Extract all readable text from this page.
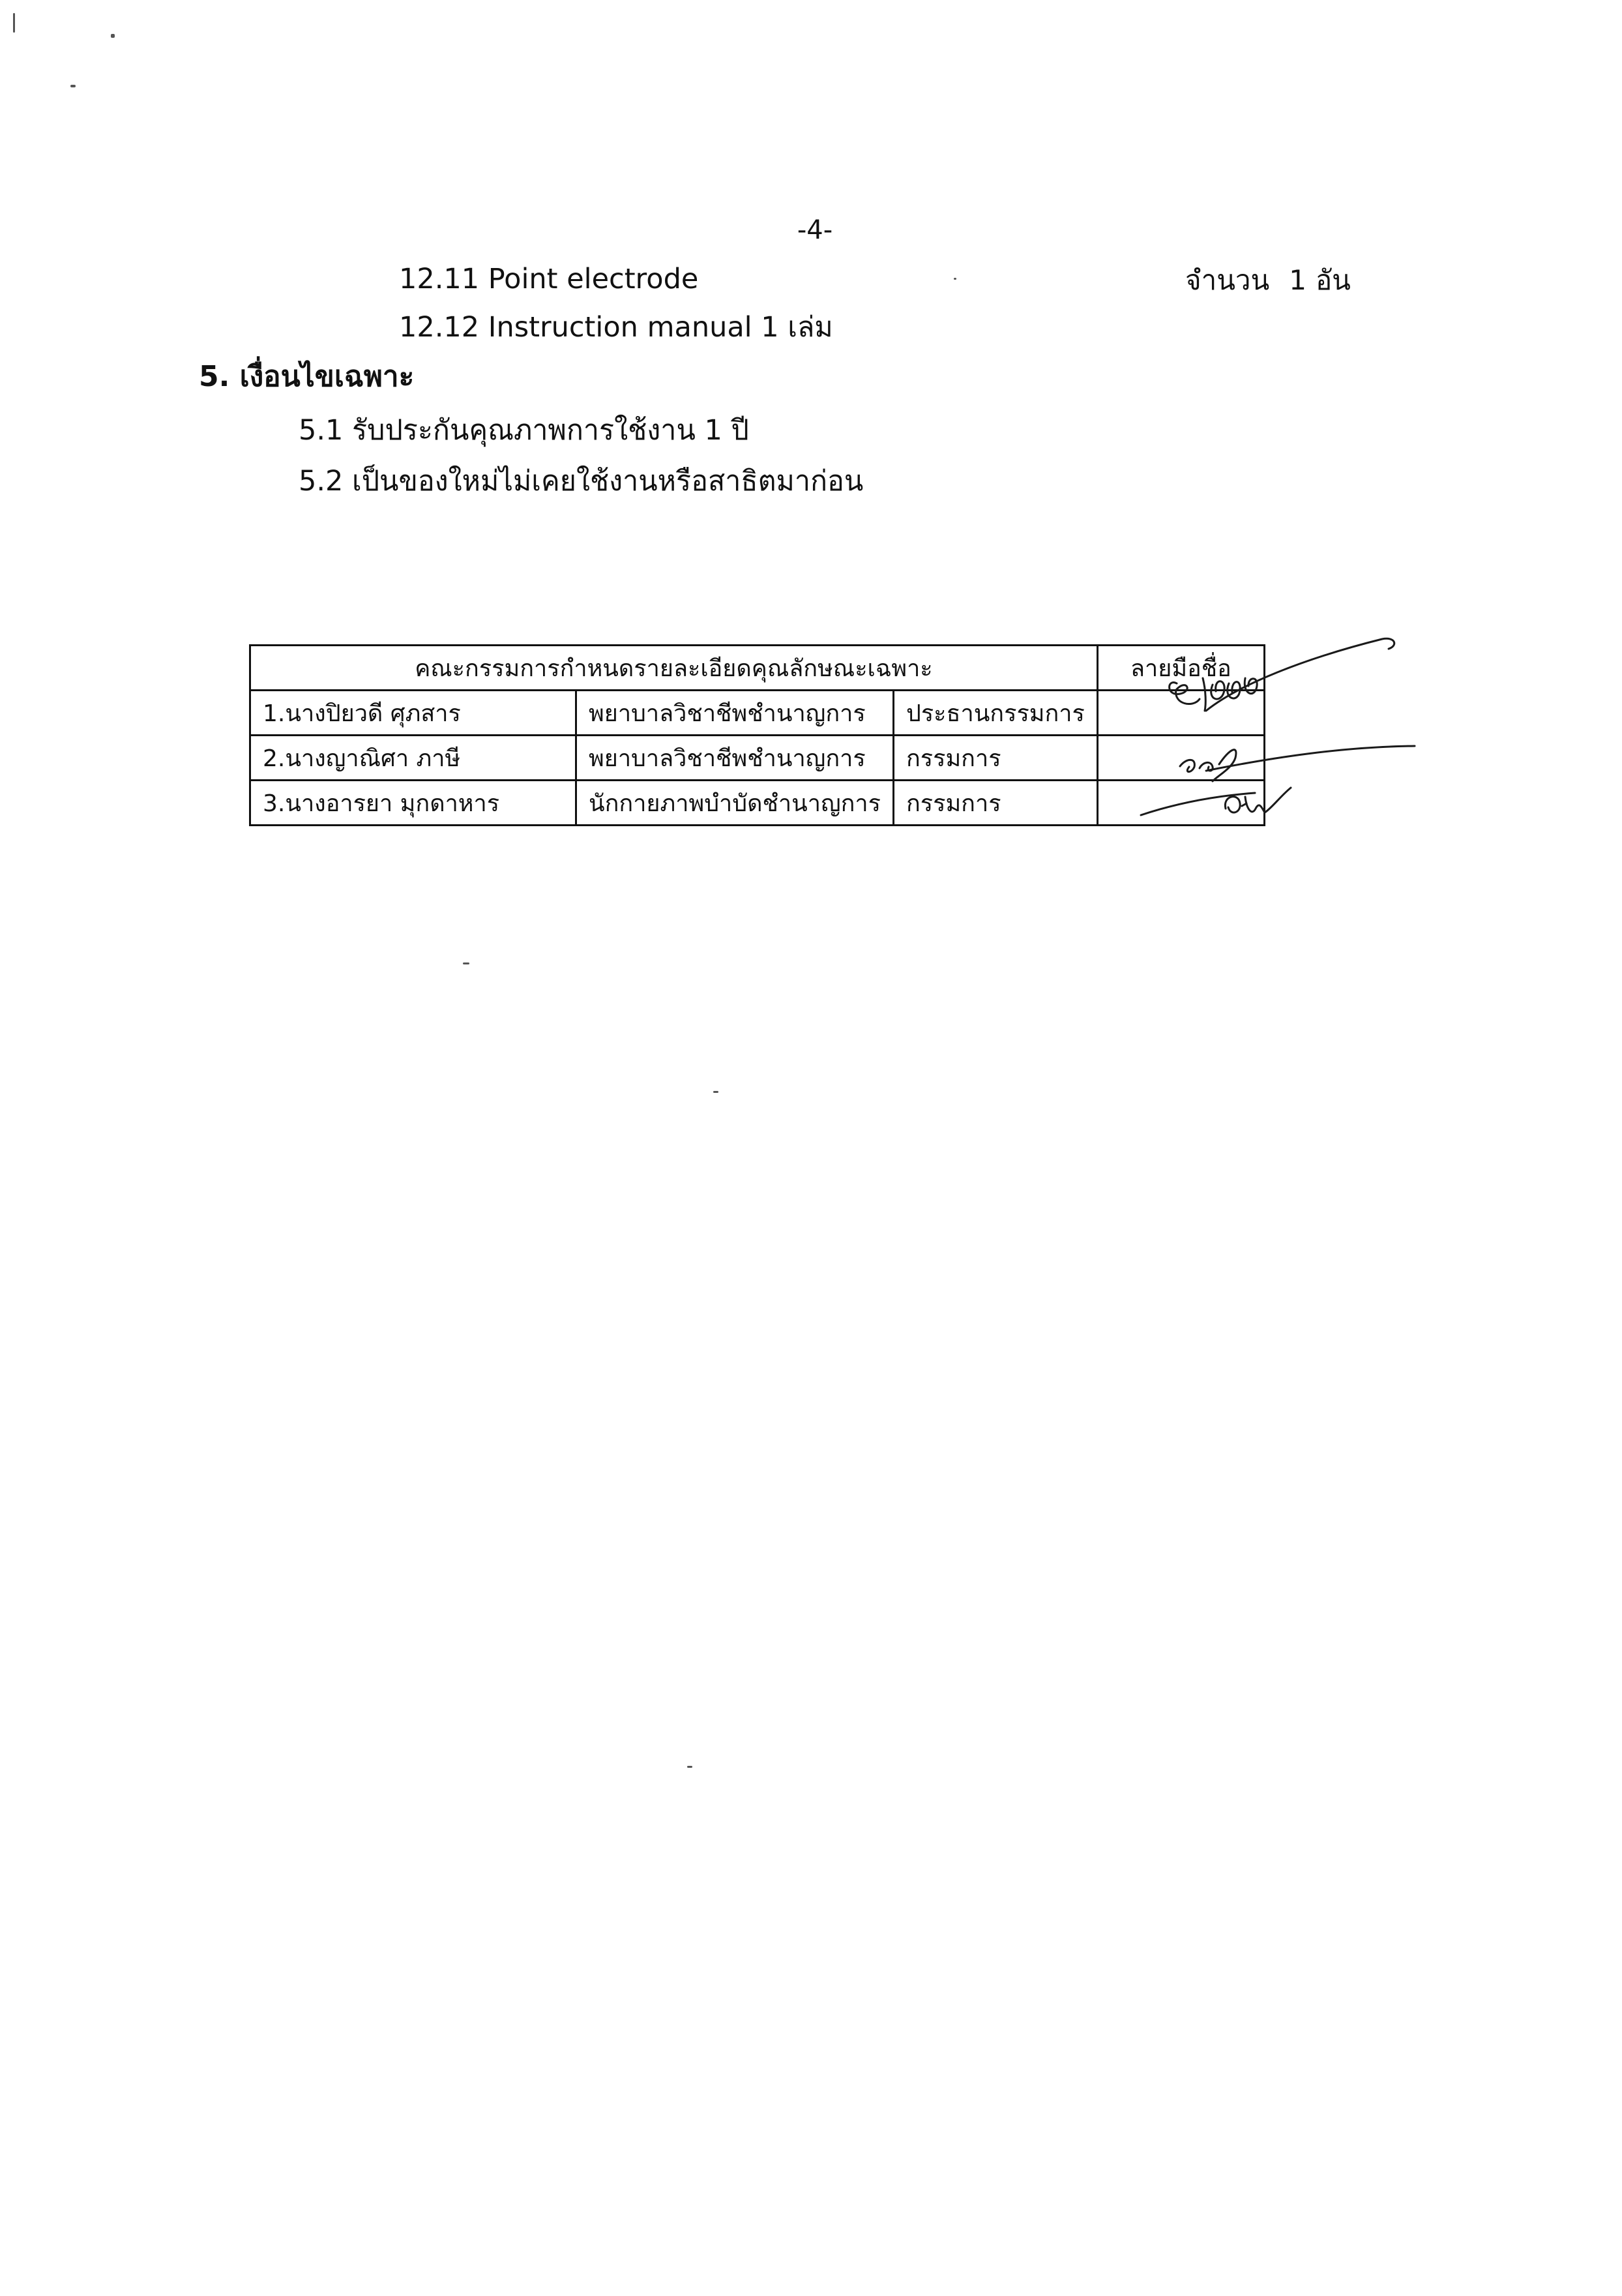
-4-
12.11 Point electrode	จำนวน 1 อัน
12.12 Instruction manual 1 เล่ม
5. เงื่อนไขเฉพาะ
5.1 รับประกันคุณภาพการใช้งาน 1 ปี
5.2 เป็นของใหม่ไม่เคยใช้งานหรือสาธิตมาก่อน
คณะกรรมการกำหนดรายละเอียดคุณลักษณะเฉพาะ			ลายมือชื่อ
1.นางปิยวดี ศุภสาร	พยาบาลวิชาชีพชำนาญการ	ประธานกรรมการ	
2.นางญาณิศา ภาษี	พยาบาลวิชาชีพชำนาญการ	กรรมการ	
3.นางอารยา มุกดาหาร	นักกายภาพบำบัดชำนาญการ	กรรมการ	
